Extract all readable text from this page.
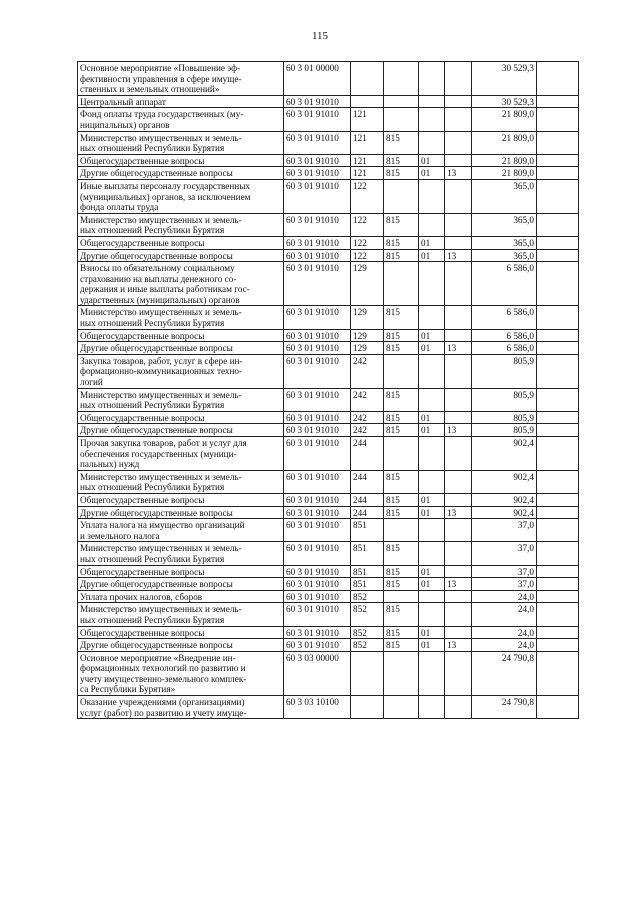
115
Основное мероприятие «Повышение эф-
фективности управления в сфере имуще-
ственных и земельных отношений»	60 3 01 00000					30 529,3	
Центральный аппарат	60 3 01 91010					30 529,3	
Фонд оплаты труда государственных (му-
ниципальных) органов	60 3 01 91010	121				21 809,0	
Министерство имущественных и земель-
ных отношений Республики Бурятия	60 3 01 91010	121	815			21 809,0	
Общегосударственные вопросы	60 3 01 91010	121	815	01		21 809,0	
Другие общегосударственные вопросы	60 3 01 91010	121	815	01	13	21 809,0	
Иные выплаты персоналу государственных
(муниципальных) органов, за исключением
фонда оплаты труда	60 3 01 91010	122				365,0	
Министерство имущественных и земель-
ных отношений Республики Бурятия	60 3 01 91010	122	815			365,0	
Общегосударственные вопросы	60 3 01 91010	122	815	01		365,0	
Другие общегосударственные вопросы	60 3 01 91010	122	815	01	13	365,0	
Взносы по обязательному социальному
страхованию на выплаты денежного со-
держания и иные выплаты работникам гос-
ударственных (муниципальных) органов	60 3 01 91010	129				6 586,0	
Министерство имущественных и земель-
ных отношений Республики Бурятия	60 3 01 91010	129	815			6 586,0	
Общегосударственные вопросы	60 3 01 91010	129	815	01		6 586,0	
Другие общегосударственные вопросы	60 3 01 91010	129	815	01	13	6 586,0	
Закупка товаров, работ, услуг в сфере ин-
формационно-коммуникационных техно-
логий	60 3 01 91010	242				805,9	
Министерство имущественных и земель-
ных отношений Республики Бурятия	60 3 01 91010	242	815			805,9	
Общегосударственные вопросы	60 3 01 91010	242	815	01		805,9	
Другие общегосударственные вопросы	60 3 01 91010	242	815	01	13	805,9	
Прочая закупка товаров, работ и услуг для
обеспечения государственных (муници-
пальных) нужд	60 3 01 91010	244				902,4	
Министерство имущественных и земель-
ных отношений Республики Бурятия	60 3 01 91010	244	815			902,4	
Общегосударственные вопросы	60 3 01 91010	244	815	01		902,4	
Другие общегосударственные вопросы	60 3 01 91010	244	815	01	13	902,4	
Уплата налога на имущество организаций
и земельного налога	60 3 01 91010	851				37,0	
Министерство имущественных и земель-
ных отношений Республики Бурятия	60 3 01 91010	851	815			37,0	
Общегосударственные вопросы	60 3 01 91010	851	815	01		37,0	
Другие общегосударственные вопросы	60 3 01 91010	851	815	01	13	37,0	
Уплата прочих налогов, сборов	60 3 01 91010	852				24,0	
Министерство имущественных и земель-
ных отношений Республики Бурятия	60 3 01 91010	852	815			24,0	
Общегосударственные вопросы	60 3 01 91010	852	815	01		24,0	
Другие общегосударственные вопросы	60 3 01 91010	852	815	01	13	24,0	
Основное мероприятие «Внедрение ин-
формационных технологий по развитию и
учету имущественно-земельного комплек-
са Республики Бурятия»	60 3 03 00000					24 790,8	
Оказание учреждениями (организациями)
услуг (работ) по развитию и учету имуще-	60 3 03 10100					24 790,8	
